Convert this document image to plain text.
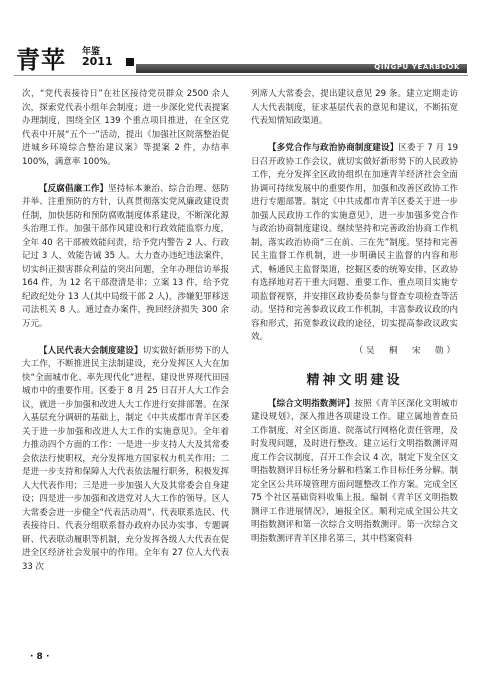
青苹 年鉴
2011	QINGPU YEARBOOK

次，“党代表接待日”在社区接待党员群众 2500 余人次，探索党代表小组年会制度；进一步深化党代表提案办理制度，围绕全区 139 个重点项目推进，在全区党代表中开展“五个一”活动，提出《加强社区院落整治促进城乡环境综合整治建议案》等提案 2 件，办结率 100%，满意率 100%。

【反腐倡廉工作】坚持标本兼治、综合治理、惩防并举、注重预防的方针，认真贯彻落实党风廉政建设责任制，加快惩防和预防腐败制度体系建设，不断深化源头治理工作。加强干部作风建设和行政效能监察力度，全年 40 名干部被效能问责，给予党内警告 2 人、行政记过 3 人，效能告诫 35 人。大力查办违纪违法案件，切实纠正损害群众利益的突出问题，全年办理信访举报 164 件，为 12 名干部澄清是非；立案 13 件，给予党纪政纪处分 13 人(其中局级干部 2 人)，涉嫌犯罪移送司法机关 8 人。通过查办案件，挽回经济损失 300 余万元。

【人民代表大会制度建设】切实做好新形势下的人大工作，不断推进民主法制建设，充分发挥区人大在加快“全面城市化、率先现代化”进程、建设世界现代田园城市中的重要作用。区委于 8 月 25 日召开人大工作会议，就进一步加强和改进人大工作进行安排部署。在深入基层充分调研的基础上，制定《中共成都市青羊区委关于进一步加强和改进人大工作的实施意见》。全年着力推动四个方面的工作：一是进一步支持人大及其常委会依法行使职权，充分发挥地方国家权力机关作用；二是进一步支持和保障人大代表依法履行职务，积极发挥人大代表作用；三是进一步加强人大及其常委会自身建设；四是进一步加强和改进党对人大工作的领导。区人大常委会进一步健全“代表活动周”、代表联系选民、代表接待日、代表分组联系督办政府办民办实事、专题调研、代表联动履职等机制，充分发挥各级人大代表在促进全区经济社会发展中的作用。全年有 27 位人大代表 33 次

列席人大常委会，提出建议意见 29 条。建立定期走访人大代表制度，征求基层代表的意见和建议，不断拓宽代表知情知政渠道。

【多党合作与政治协商制度建设】区委于 7 月 19 日召开政协工作会议，就切实做好新形势下的人民政协工作，充分发挥全区政协组织在加速青羊经济社会全面协调可持续发展中的重要作用，加强和改善区政协工作进行专题部署。制定《中共成都市青羊区委关于进一步加强人民政协工作的实施意见》，进一步加强多党合作与政治协商制度建设。继续坚持和完善政治协商工作机制，落实政治协商“三在前、三在先”制度。坚持和完善民主监督工作机制，进一步明确民主监督的内容和形式，畅通民主监督渠道，挖掘区委的统筹安排，区政协有选择地对若干重大问题、重要工作、重点项目实施专项监督视察，并安排区政协委员参与督查专项检查等活动。坚持和完善参政议政工作机制，丰富参政议政的内容和形式，拓宽参政议政的途径，切实提高参政议政实效。

（吴　桐　宋　勋）

精神文明建设

【综合文明指数测评】按照《青羊区深化文明城市建设规划》，深入推进各项建设工作。建立属地普查员工作制度，对全区街道、院落试行网格化责任管理，及时发现问题，及时进行整改。建立运行文明指数测评周度工作会议制度，召开工作会议 4 次，制定下发全区文明指数测评目标任务分解和档案工作目标任务分解。制定全区公共环境管理方面问题整改工作方案。完成全区 75 个社区基础资料收集上报。编制《青羊区文明指数测评工作进展情况》，遍报全区。顺利完成全国公共文明指数测评和第一次综合文明指数测评。第一次综合文明指数测评青羊区排名第三，其中档案资料

· 8 ·
